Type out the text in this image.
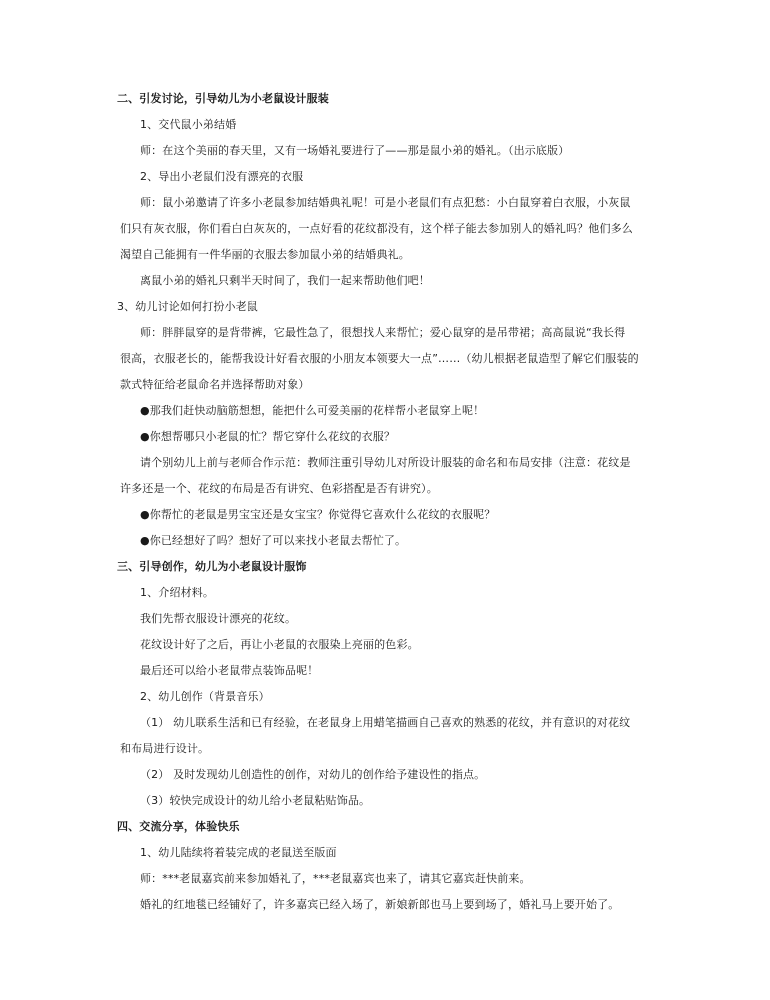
二、引发讨论，引导幼儿为小老鼠设计服装
1、交代鼠小弟结婚
师：在这个美丽的春天里，又有一场婚礼要进行了——那是鼠小弟的婚礼。（出示底版）
2、导出小老鼠们没有漂亮的衣服
师：鼠小弟邀请了许多小老鼠参加结婚典礼呢！可是小老鼠们有点犯愁：小白鼠穿着白衣服，小灰鼠
们只有灰衣服，你们看白白灰灰的，一点好看的花纹都没有，这个样子能去参加别人的婚礼吗？他们多么
渴望自己能拥有一件华丽的衣服去参加鼠小弟的结婚典礼。
离鼠小弟的婚礼只剩半天时间了，我们一起来帮助他们吧！
3、幼儿讨论如何打扮小老鼠
师：胖胖鼠穿的是背带裤，它最性急了，很想找人来帮忙；爱心鼠穿的是吊带裙；高高鼠说“我长得
很高，衣服老长的，能帮我设计好看衣服的小朋友本领要大一点”……（幼儿根据老鼠造型了解它们服装的
款式特征给老鼠命名并选择帮助对象）
●那我们赶快动脑筋想想，能把什么可爱美丽的花样帮小老鼠穿上呢！
●你想帮哪只小老鼠的忙？帮它穿什么花纹的衣服？
请个别幼儿上前与老师合作示范：教师注重引导幼儿对所设计服装的命名和布局安排（注意：花纹是
许多还是一个、花纹的布局是否有讲究、色彩搭配是否有讲究）。
●你帮忙的老鼠是男宝宝还是女宝宝？你觉得它喜欢什么花纹的衣服呢？
●你已经想好了吗？想好了可以来找小老鼠去帮忙了。
三、引导创作，幼儿为小老鼠设计服饰
1、介绍材料。
我们先帮衣服设计漂亮的花纹。
花纹设计好了之后，再让小老鼠的衣服染上亮丽的色彩。
最后还可以给小老鼠带点装饰品呢！
2、幼儿创作（背景音乐）
（1） 幼儿联系生活和已有经验，在老鼠身上用蜡笔描画自己喜欢的熟悉的花纹，并有意识的对花纹
和布局进行设计。
（2） 及时发现幼儿创造性的创作，对幼儿的创作给予建设性的指点。
（3）较快完成设计的幼儿给小老鼠粘贴饰品。
四、交流分享，体验快乐
1、幼儿陆续将着装完成的老鼠送至版面
师：***老鼠嘉宾前来参加婚礼了，***老鼠嘉宾也来了，请其它嘉宾赶快前来。
婚礼的红地毯已经铺好了，许多嘉宾已经入场了，新娘新郎也马上要到场了，婚礼马上要开始了。
